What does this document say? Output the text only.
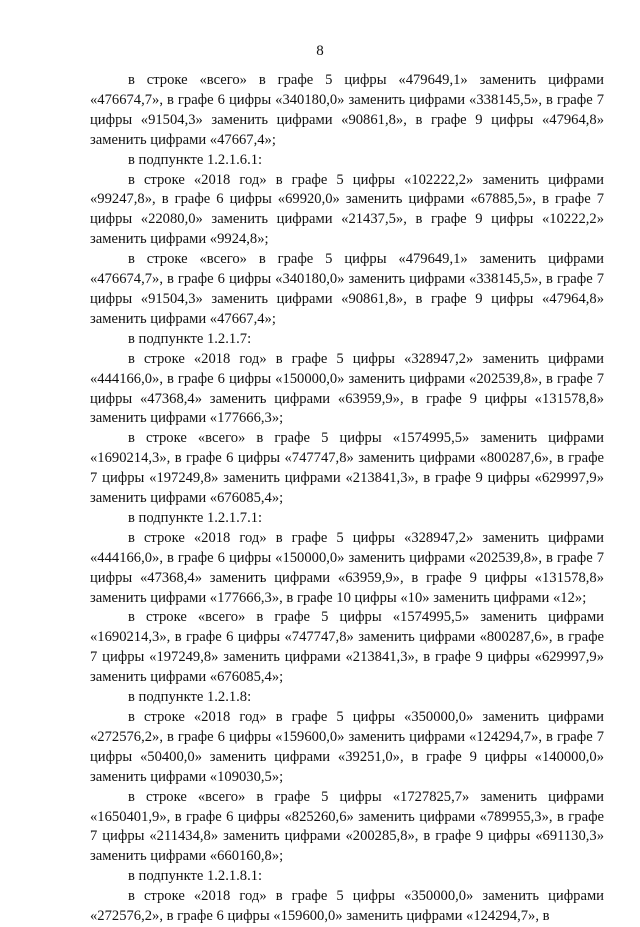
8

в строке «всего» в графе 5 цифры «479649,1» заменить цифрами «476674,7», в графе 6 цифры «340180,0» заменить цифрами «338145,5», в графе 7 цифры «91504,3» заменить цифрами «90861,8», в графе 9 цифры «47964,8» заменить цифрами «47667,4»;

в подпункте 1.2.1.6.1:

в строке «2018 год» в графе 5 цифры «102222,2» заменить цифрами «99247,8», в графе 6 цифры «69920,0» заменить цифрами «67885,5», в графе 7 цифры «22080,0» заменить цифрами «21437,5», в графе 9 цифры «10222,2» заменить цифрами «9924,8»;

в строке «всего» в графе 5 цифры «479649,1» заменить цифрами «476674,7», в графе 6 цифры «340180,0» заменить цифрами «338145,5», в графе 7 цифры «91504,3» заменить цифрами «90861,8», в графе 9 цифры «47964,8» заменить цифрами «47667,4»;

в подпункте 1.2.1.7:

в строке «2018 год» в графе 5 цифры «328947,2» заменить цифрами «444166,0», в графе 6 цифры «150000,0» заменить цифрами «202539,8», в графе 7 цифры «47368,4» заменить цифрами «63959,9», в графе 9 цифры «131578,8» заменить цифрами «177666,3»;

в строке «всего» в графе 5 цифры «1574995,5» заменить цифрами «1690214,3», в графе 6 цифры «747747,8» заменить цифрами «800287,6», в графе 7 цифры «197249,8» заменить цифрами «213841,3», в графе 9 цифры «629997,9» заменить цифрами «676085,4»;

в подпункте 1.2.1.7.1:

в строке «2018 год» в графе 5 цифры «328947,2» заменить цифрами «444166,0», в графе 6 цифры «150000,0» заменить цифрами «202539,8», в графе 7 цифры «47368,4» заменить цифрами «63959,9», в графе 9 цифры «131578,8» заменить цифрами «177666,3», в графе 10 цифры «10» заменить цифрами «12»;

в строке «всего» в графе 5 цифры «1574995,5» заменить цифрами «1690214,3», в графе 6 цифры «747747,8» заменить цифрами «800287,6», в графе 7 цифры «197249,8» заменить цифрами «213841,3», в графе 9 цифры «629997,9» заменить цифрами «676085,4»;

в подпункте 1.2.1.8:

в строке «2018 год» в графе 5 цифры «350000,0» заменить цифрами «272576,2», в графе 6 цифры «159600,0» заменить цифрами «124294,7», в графе 7 цифры «50400,0» заменить цифрами «39251,0», в графе 9 цифры «140000,0» заменить цифрами «109030,5»;

в строке «всего» в графе 5 цифры «1727825,7» заменить цифрами «1650401,9», в графе 6 цифры «825260,6» заменить цифрами «789955,3», в графе 7 цифры «211434,8» заменить цифрами «200285,8», в графе 9 цифры «691130,3» заменить цифрами «660160,8»;

в подпункте 1.2.1.8.1:

в строке «2018 год» в графе 5 цифры «350000,0» заменить цифрами «272576,2», в графе 6 цифры «159600,0» заменить цифрами «124294,7», в
